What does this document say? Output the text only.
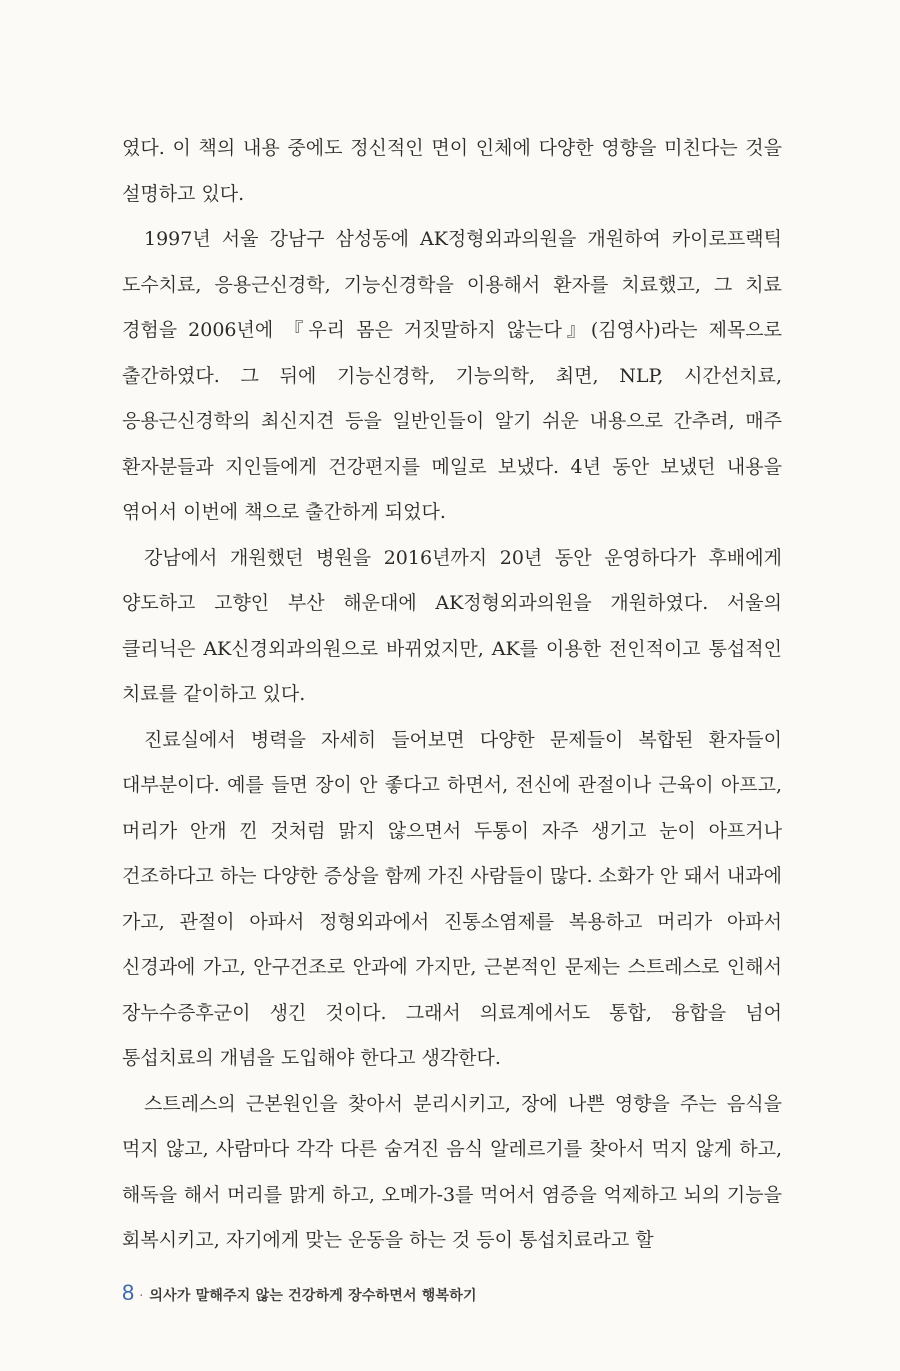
였다. 이 책의 내용 중에도 정신적인 면이 인체에 다양한 영향을 미친다는 것을 설명하고 있다.

1997년 서울 강남구 삼성동에 AK정형외과의원을 개원하여 카이로프랙틱 도수치료, 응용근신경학, 기능신경학을 이용해서 환자를 치료했고, 그 치료 경험을 2006년에 『우리 몸은 거짓말하지 않는다』(김영사)라는 제목으로 출간하였다. 그 뒤에 기능신경학, 기능의학, 최면, NLP, 시간선치료, 응용근신경학의 최신지견 등을 일반인들이 알기 쉬운 내용으로 간추려, 매주 환자분들과 지인들에게 건강편지를 메일로 보냈다. 4년 동안 보냈던 내용을 엮어서 이번에 책으로 출간하게 되었다.

강남에서 개원했던 병원을 2016년까지 20년 동안 운영하다가 후배에게 양도하고 고향인 부산 해운대에 AK정형외과의원을 개원하였다. 서울의 클리닉은 AK신경외과의원으로 바뀌었지만, AK를 이용한 전인적이고 통섭적인 치료를 같이하고 있다.

진료실에서 병력을 자세히 들어보면 다양한 문제들이 복합된 환자들이 대부분이다. 예를 들면 장이 안 좋다고 하면서, 전신에 관절이나 근육이 아프고, 머리가 안개 낀 것처럼 맑지 않으면서 두통이 자주 생기고 눈이 아프거나 건조하다고 하는 다양한 증상을 함께 가진 사람들이 많다. 소화가 안 돼서 내과에 가고, 관절이 아파서 정형외과에서 진통소염제를 복용하고 머리가 아파서 신경과에 가고, 안구건조로 안과에 가지만, 근본적인 문제는 스트레스로 인해서 장누수증후군이 생긴 것이다. 그래서 의료계에서도 통합, 융합을 넘어 통섭치료의 개념을 도입해야 한다고 생각한다.

스트레스의 근본원인을 찾아서 분리시키고, 장에 나쁜 영향을 주는 음식을 먹지 않고, 사람마다 각각 다른 숨겨진 음식 알레르기를 찾아서 먹지 않게 하고, 해독을 해서 머리를 맑게 하고, 오메가-3를 먹어서 염증을 억제하고 뇌의 기능을 회복시키고, 자기에게 맞는 운동을 하는 것 등이 통섭치료라고 할

8 · 의사가 말해주지 않는 건강하게 장수하면서 행복하기
